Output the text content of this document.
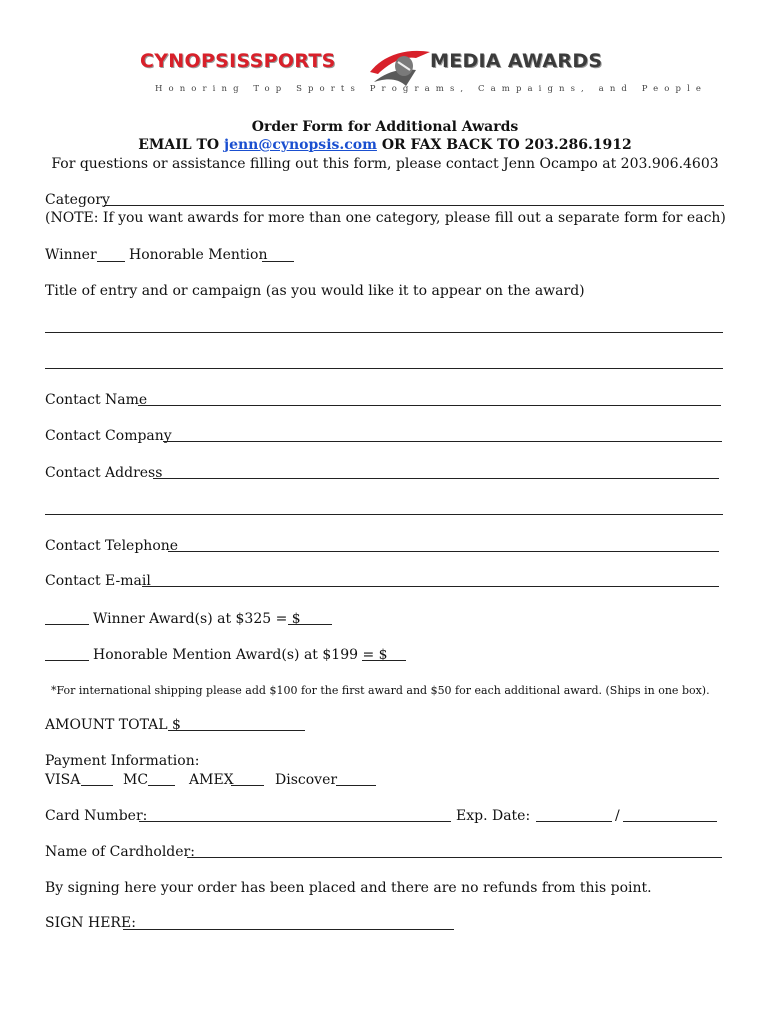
CYNOPSISSPORTS	MEDIA AWARDS
Honoring Top Sports Programs, Campaigns, and People
Order Form for Additional Awards
EMAIL TO jenn@cynopsis.com OR FAX BACK TO 203.286.1912
For questions or assistance filling out this form, please contact Jenn Ocampo at 203.906.4603
Category
(NOTE: If you want awards for more than one category, please fill out a separate form for each)
Winner Honorable Mention
Title of entry and or campaign (as you would like it to appear on the award)
Contact Name
Contact Company
Contact Address
Contact Telephone
Contact E-mail
Winner Award(s) at $325 = $
Honorable Mention Award(s) at $199 = $
*For international shipping please add $100 for the first award and $50 for each additional award. (Ships in one box).
AMOUNT TOTAL $
Payment Information:
VISA	MC	AMEX	Discover
Card Number:	Exp. Date:	/
Name of Cardholder:
By signing here your order has been placed and there are no refunds from this point.
SIGN HERE:
